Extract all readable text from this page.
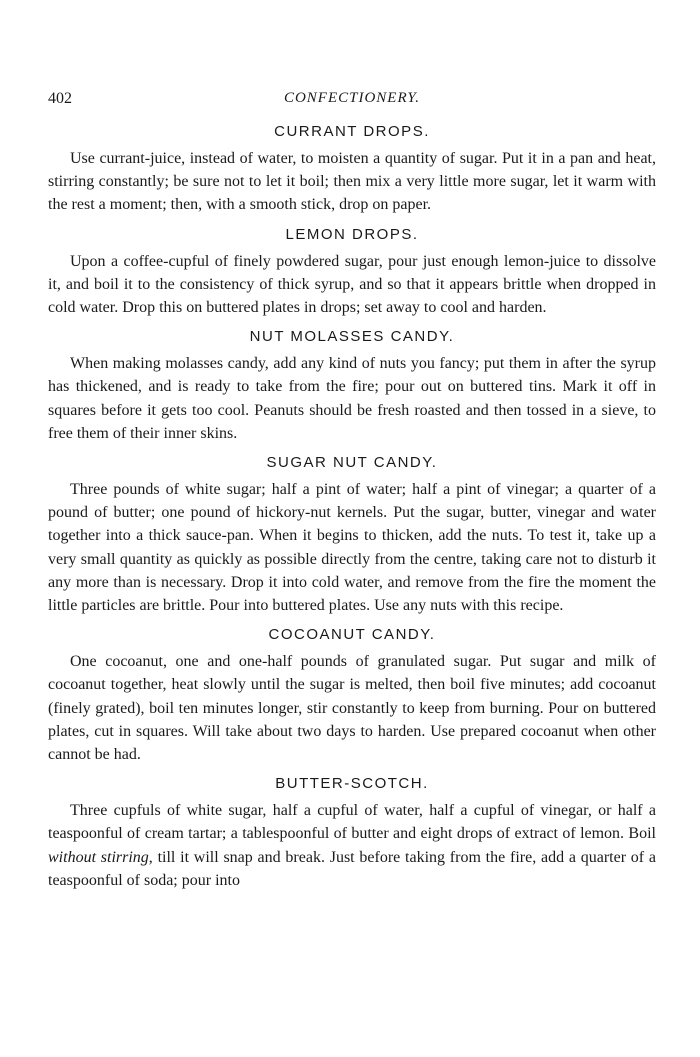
402	CONFECTIONERY.
CURRANT DROPS.

Use currant-juice, instead of water, to moisten a quantity of sugar. Put it in a pan and heat, stirring constantly; be sure not to let it boil; then mix a very little more sugar, let it warm with the rest a moment; then, with a smooth stick, drop on paper.

LEMON DROPS.

Upon a coffee-cupful of finely powdered sugar, pour just enough lemon-juice to dissolve it, and boil it to the consistency of thick syrup, and so that it appears brittle when dropped in cold water. Drop this on buttered plates in drops; set away to cool and harden.

NUT MOLASSES CANDY.

When making molasses candy, add any kind of nuts you fancy; put them in after the syrup has thickened, and is ready to take from the fire; pour out on buttered tins. Mark it off in squares before it gets too cool. Peanuts should be fresh roasted and then tossed in a sieve, to free them of their inner skins.

SUGAR NUT CANDY.

Three pounds of white sugar; half a pint of water; half a pint of vinegar; a quarter of a pound of butter; one pound of hickory-nut kernels. Put the sugar, butter, vinegar and water together into a thick sauce-pan. When it begins to thicken, add the nuts. To test it, take up a very small quantity as quickly as possible directly from the centre, taking care not to disturb it any more than is necessary. Drop it into cold water, and remove from the fire the moment the little particles are brittle. Pour into buttered plates. Use any nuts with this recipe.

COCOANUT CANDY.

One cocoanut, one and one-half pounds of granulated sugar. Put sugar and milk of cocoanut together, heat slowly until the sugar is melted, then boil five minutes; add cocoanut (finely grated), boil ten minutes longer, stir constantly to keep from burning. Pour on buttered plates, cut in squares. Will take about two days to harden. Use prepared cocoanut when other cannot be had.

BUTTER-SCOTCH.

Three cupfuls of white sugar, half a cupful of water, half a cupful of vinegar, or half a teaspoonful of cream tartar; a tablespoonful of butter and eight drops of extract of lemon. Boil without stirring, till it will snap and break. Just before taking from the fire, add a quarter of a teaspoonful of soda; pour into
